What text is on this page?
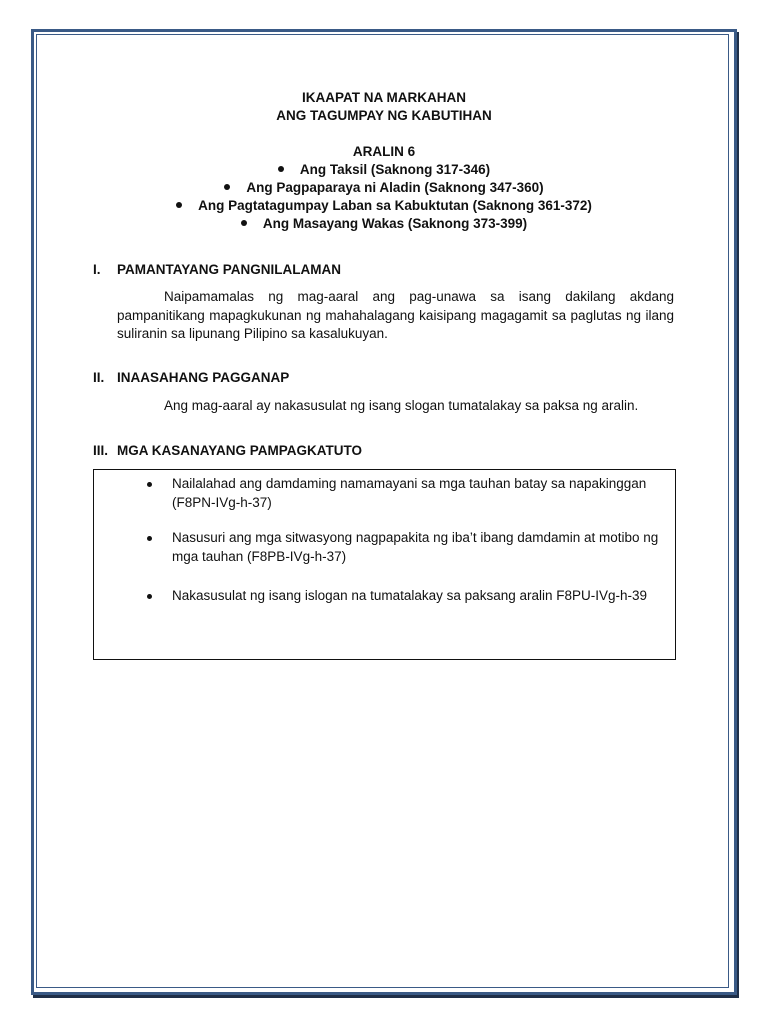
IKAAPAT NA MARKAHAN
ANG TAGUMPAY NG KABUTIHAN
ARALIN 6
Ang Taksil (Saknong 317-346)
Ang Pagpaparaya ni Aladin (Saknong 347-360)
Ang Pagtatagumpay Laban sa Kabuktutan (Saknong 361-372)
Ang Masayang Wakas (Saknong 373-399)
I. PAMANTAYANG PANGNILALAMAN
Naipamamalas ng mag-aaral ang pag-unawa sa isang dakilang akdang pampanitikang mapagkukunan ng mahahalagang kaisipang magagamit sa paglutas ng ilang suliranin sa lipunang Pilipino sa kasalukuyan.
II. INAASAHANG PAGGANAP
Ang mag-aaral ay nakasusulat ng isang slogan tumatalakay sa paksa ng aralin.
III. MGA KASANAYANG PAMPAGKATUTO
Nailalahad ang damdaming namamayani sa mga tauhan batay sa napakinggan (F8PN-IVg-h-37)
Nasusuri ang mga sitwasyong nagpapakita ng iba’t ibang damdamin at motibo ng mga tauhan (F8PB-IVg-h-37)
Nakasusulat ng isang islogan na tumatalakay sa paksang aralin F8PU-IVg-h-39
